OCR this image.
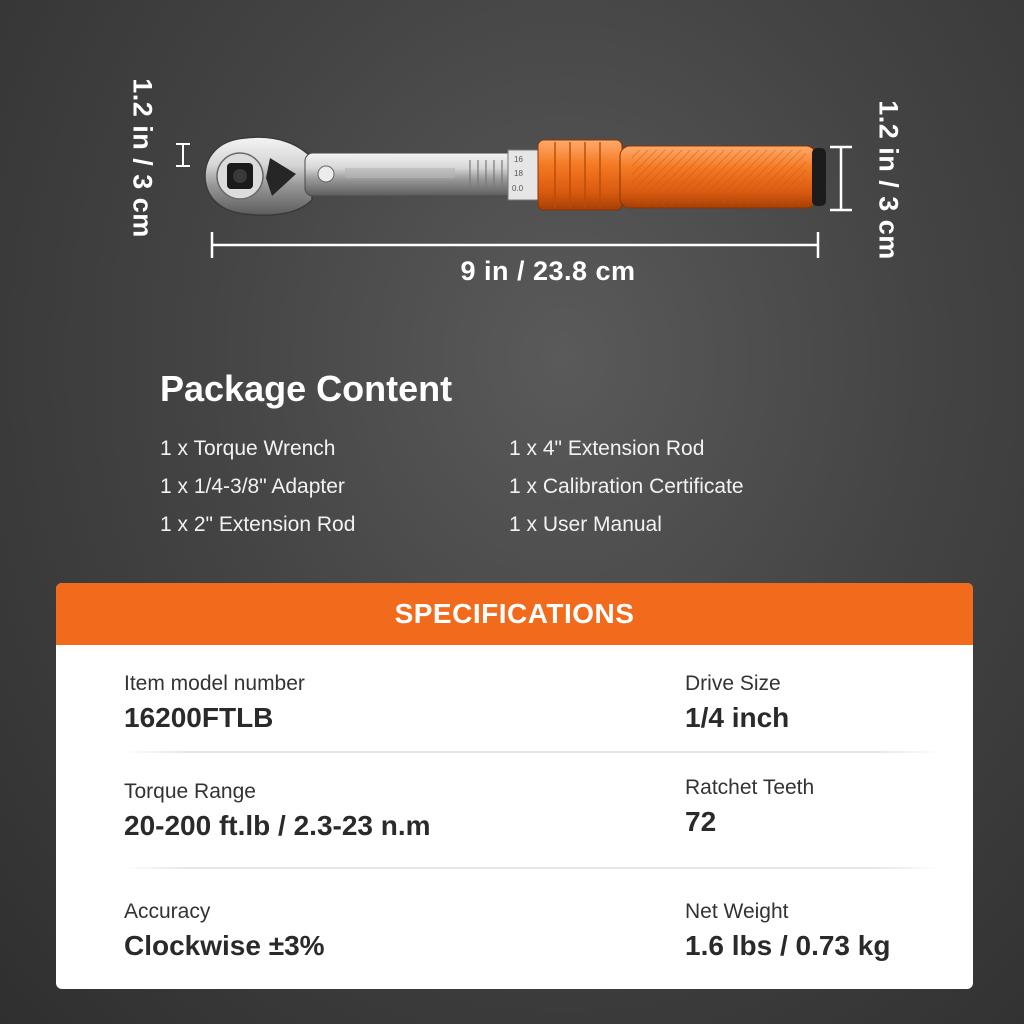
16
18
0.0
1.2 in / 3 cm	1.2 in / 3 cm
9 in / 23.8 cm
Package Content
1 x Torque Wrench	1 x 4" Extension Rod
1 x 1/4-3/8" Adapter	1 x Calibration Certificate
1 x 2" Extension Rod	1 x User Manual
SPECIFICATIONS
Item model number
16200FTLB
Drive Size
1/4 inch
Torque Range
20-200 ft.lb / 2.3-23 n.m
Ratchet Teeth
72
Accuracy
Clockwise ±3%
Net Weight
1.6 lbs / 0.73 kg
